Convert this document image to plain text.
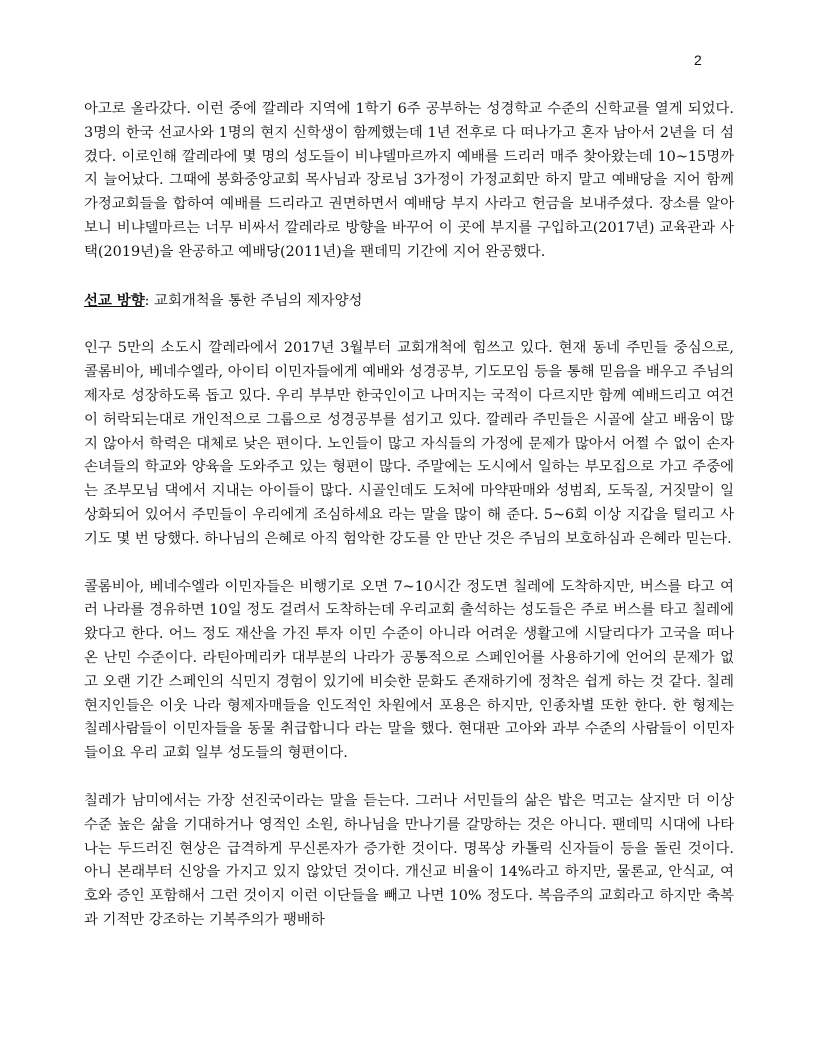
2

아고로 올라갔다. 이런 중에 깔레라 지역에 1학기 6주 공부하는 성경학교 수준의 신학교를 열게 되었다. 3명의 한국 선교사와 1명의 현지 신학생이 함께했는데 1년 전후로 다 떠나가고 혼자 남아서 2년을 더 섬겼다. 이로인해 깔레라에 몇 명의 성도들이 비냐델마르까지 예배를 드리러 매주 찾아왔는데 10~15명까지 늘어났다. 그때에 봉화중앙교회 목사님과 장로님 3가정이 가정교회만 하지 말고 예배당을 지어 함께 가정교회들을 합하여 예배를 드리라고 권면하면서 예배당 부지 사라고 헌금을 보내주셨다. 장소를 알아보니 비냐델마르는 너무 비싸서 깔레라로 방향을 바꾸어 이 곳에 부지를 구입하고(2017년) 교육관과 사택(2019년)을 완공하고 예배당(2011년)을 팬데믹 기간에 지어 완공했다.

선교 방향: 교회개척을 통한 주님의 제자양성

인구 5만의 소도시 깔레라에서 2017년 3월부터 교회개척에 힘쓰고 있다. 현재 동네 주민들 중심으로, 콜롬비아, 베네수엘라, 아이티 이민자들에게 예배와 성경공부, 기도모임 등을 통해 믿음을 배우고 주님의 제자로 성장하도록 돕고 있다. 우리 부부만 한국인이고 나머지는 국적이 다르지만 함께 예배드리고 여건이 허락되는대로 개인적으로 그룹으로 성경공부를 섬기고 있다. 깔레라 주민들은 시골에 살고 배움이 많지 않아서 학력은 대체로 낮은 편이다. 노인들이 많고 자식들의 가정에 문제가 많아서 어쩔 수 없이 손자 손녀들의 학교와 양육을 도와주고 있는 형편이 많다. 주말에는 도시에서 일하는 부모집으로 가고 주중에는 조부모님 댁에서 지내는 아이들이 많다. 시골인데도 도처에 마약판매와 성범죄, 도둑질, 거짓말이 일상화되어 있어서 주민들이 우리에게 조심하세요 라는 말을 많이 해 준다. 5~6회 이상 지갑을 털리고 사기도 몇 번 당했다. 하나님의 은혜로 아직 험악한 강도를 안 만난 것은 주님의 보호하심과 은혜라 믿는다.

콜롬비아, 베네수엘라 이민자들은 비행기로 오면 7~10시간 정도면 칠레에 도착하지만, 버스를 타고 여러 나라를 경유하면 10일 정도 걸려서 도착하는데 우리교회 출석하는 성도들은 주로 버스를 타고 칠레에 왔다고 한다. 어느 정도 재산을 가진 투자 이민 수준이 아니라 어려운 생활고에 시달리다가 고국을 떠나온 난민 수준이다. 라틴아메리카 대부분의 나라가 공통적으로 스페인어를 사용하기에 언어의 문제가 없고 오랜 기간 스페인의 식민지 경험이 있기에 비슷한 문화도 존재하기에 정착은 쉽게 하는 것 같다. 칠레 현지인들은 이웃 나라 형제자매들을 인도적인 차원에서 포용은 하지만, 인종차별 또한 한다. 한 형제는 칠레사람들이 이민자들을 동물 취급합니다 라는 말을 했다. 현대판 고아와 과부 수준의 사람들이 이민자들이요 우리 교회 일부 성도들의 형편이다.

칠레가 남미에서는 가장 선진국이라는 말을 듣는다. 그러나 서민들의 삶은 밥은 먹고는 살지만 더 이상 수준 높은 삶을 기대하거나 영적인 소원, 하나님을 만나기를 갈망하는 것은 아니다. 팬데믹 시대에 나타나는 두드러진 현상은 급격하게 무신론자가 증가한 것이다. 명목상 카톨릭 신자들이 등을 돌린 것이다. 아니 본래부터 신앙을 가지고 있지 않았던 것이다. 개신교 비율이 14%라고 하지만, 물론교, 안식교, 여호와 증인 포함해서 그런 것이지 이런 이단들을 빼고 나면 10% 정도다. 복음주의 교회라고 하지만 축복과 기적만 강조하는 기복주의가 팽배하
